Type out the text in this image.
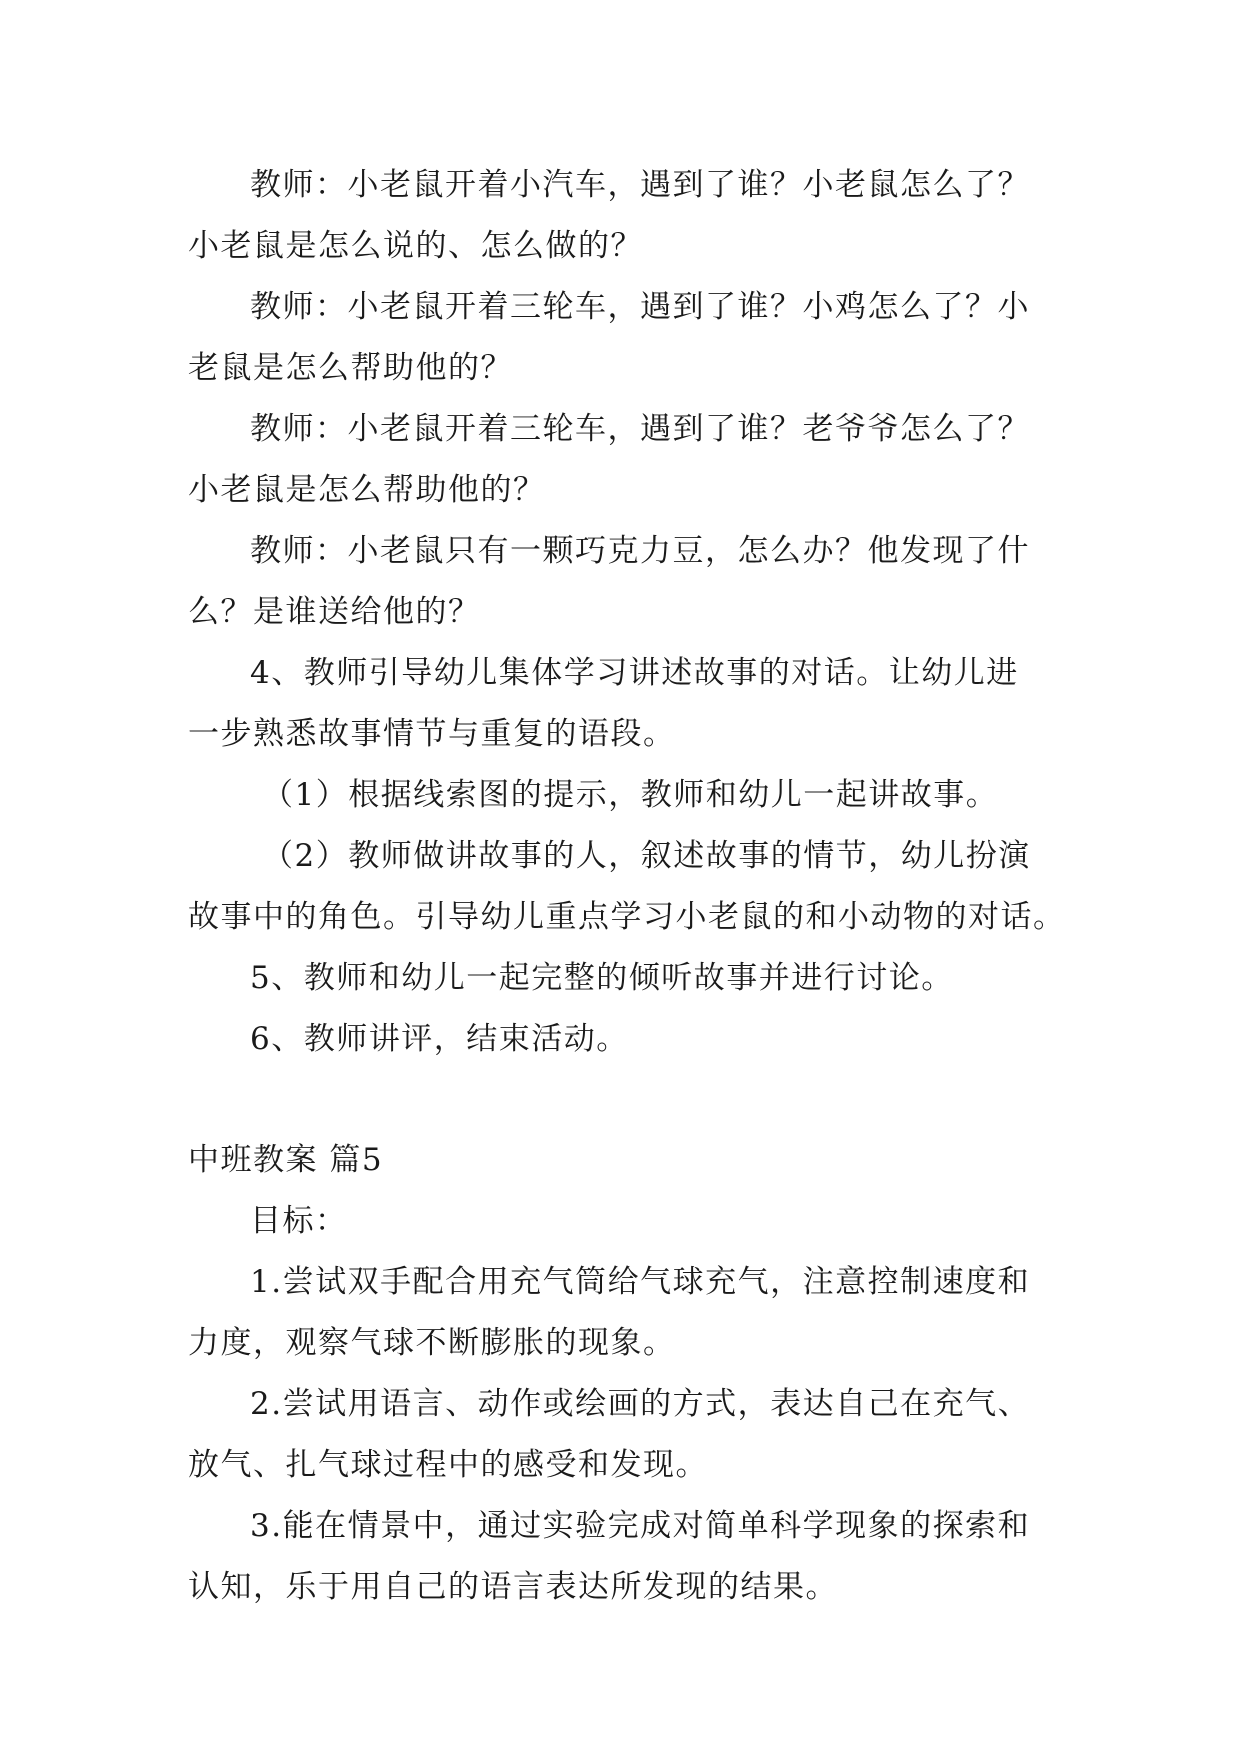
教师：小老鼠开着小汽车，遇到了谁？小老鼠怎么了？
小老鼠是怎么说的、怎么做的？
教师：小老鼠开着三轮车，遇到了谁？小鸡怎么了？小
老鼠是怎么帮助他的？
教师：小老鼠开着三轮车，遇到了谁？老爷爷怎么了？
小老鼠是怎么帮助他的？
教师：小老鼠只有一颗巧克力豆，怎么办？他发现了什
么？是谁送给他的？
4、教师引导幼儿集体学习讲述故事的对话。让幼儿进
一步熟悉故事情节与重复的语段。
（1）根据线索图的提示，教师和幼儿一起讲故事。
（2）教师做讲故事的人，叙述故事的情节，幼儿扮演
故事中的角色。引导幼儿重点学习小老鼠的和小动物的对话。
5、教师和幼儿一起完整的倾听故事并进行讨论。
6、教师讲评，结束活动。
中班教案 篇5
目标：
1.尝试双手配合用充气筒给气球充气，注意控制速度和
力度，观察气球不断膨胀的现象。
2.尝试用语言、动作或绘画的方式，表达自己在充气、
放气、扎气球过程中的感受和发现。
3.能在情景中，通过实验完成对简单科学现象的探索和
认知，乐于用自己的语言表达所发现的结果。
